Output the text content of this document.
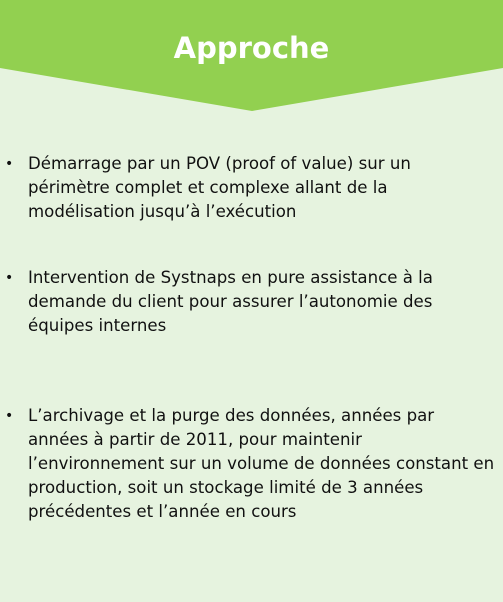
Approche
• Démarrage par un POV (proof of value) sur un périmètre complet et complexe allant de la modélisation jusqu’à l’exécution
• Intervention de Systnaps en pure assistance à la demande du client pour assurer l’autonomie des équipes internes
• L’archivage et la purge des données, années par années à partir de 2011, pour maintenir l’environnement sur un volume de données constant en production, soit un stockage limité de 3 années précédentes et l’année en cours
